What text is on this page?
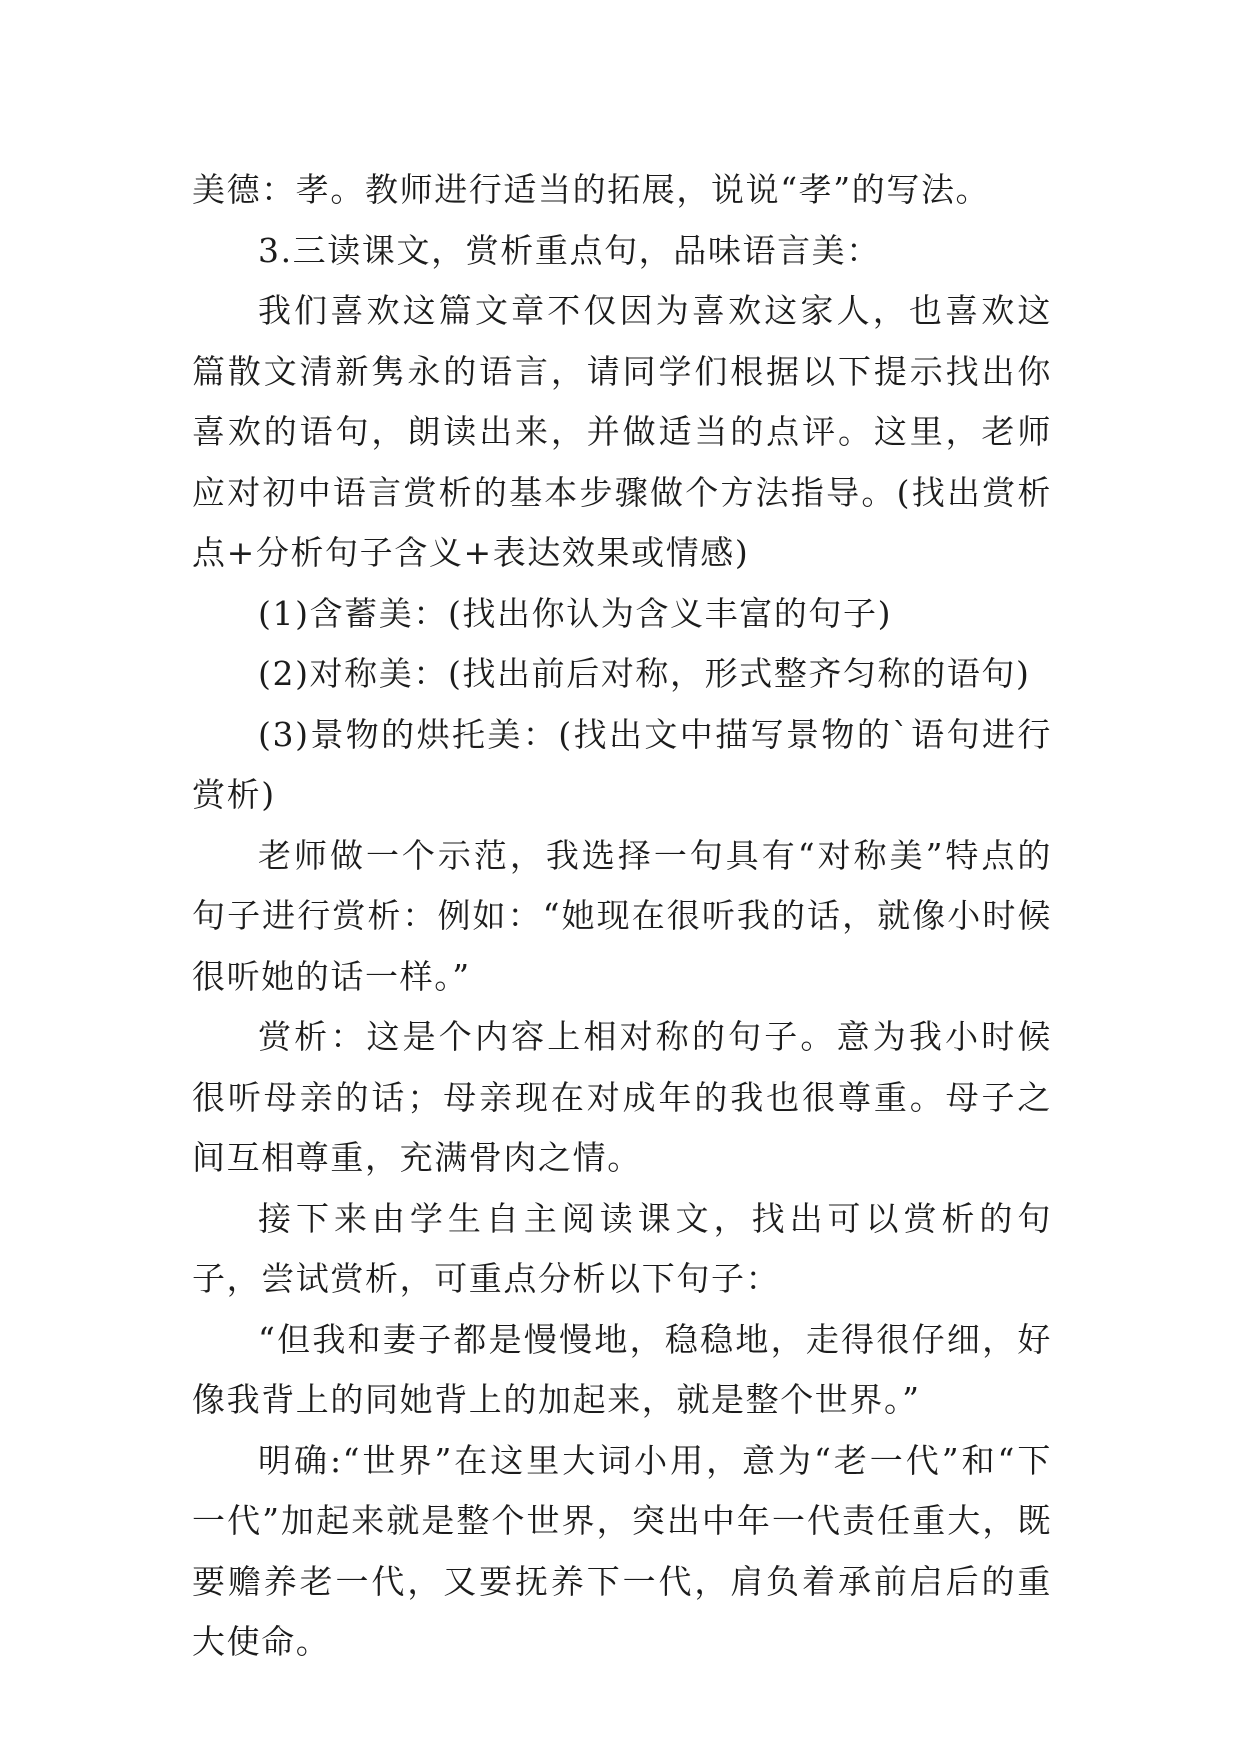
美德：孝。教师进行适当的拓展，说说“孝”的写法。

3.三读课文，赏析重点句，品味语言美：

我们喜欢这篇文章不仅因为喜欢这家人，也喜欢这篇散文清新隽永的语言，请同学们根据以下提示找出你喜欢的语句，朗读出来，并做适当的点评。这里，老师应对初中语言赏析的基本步骤做个方法指导。(找出赏析点+分析句子含义+表达效果或情感)

(1)含蓄美：(找出你认为含义丰富的句子)

(2)对称美：(找出前后对称，形式整齐匀称的语句)

(3)景物的烘托美：(找出文中描写景物的`语句进行赏析)

老师做一个示范，我选择一句具有“对称美”特点的句子进行赏析：例如：“她现在很听我的话，就像小时候很听她的话一样。”

赏析：这是个内容上相对称的句子。意为我小时候很听母亲的话；母亲现在对成年的我也很尊重。母子之间互相尊重，充满骨肉之情。

接下来由学生自主阅读课文，找出可以赏析的句子，尝试赏析，可重点分析以下句子：

“但我和妻子都是慢慢地，稳稳地，走得很仔细，好像我背上的同她背上的加起来，就是整个世界。”

明确:“世界”在这里大词小用，意为“老一代”和“下一代”加起来就是整个世界，突出中年一代责任重大，既要赡养老一代，又要抚养下一代，肩负着承前启后的重大使命。
